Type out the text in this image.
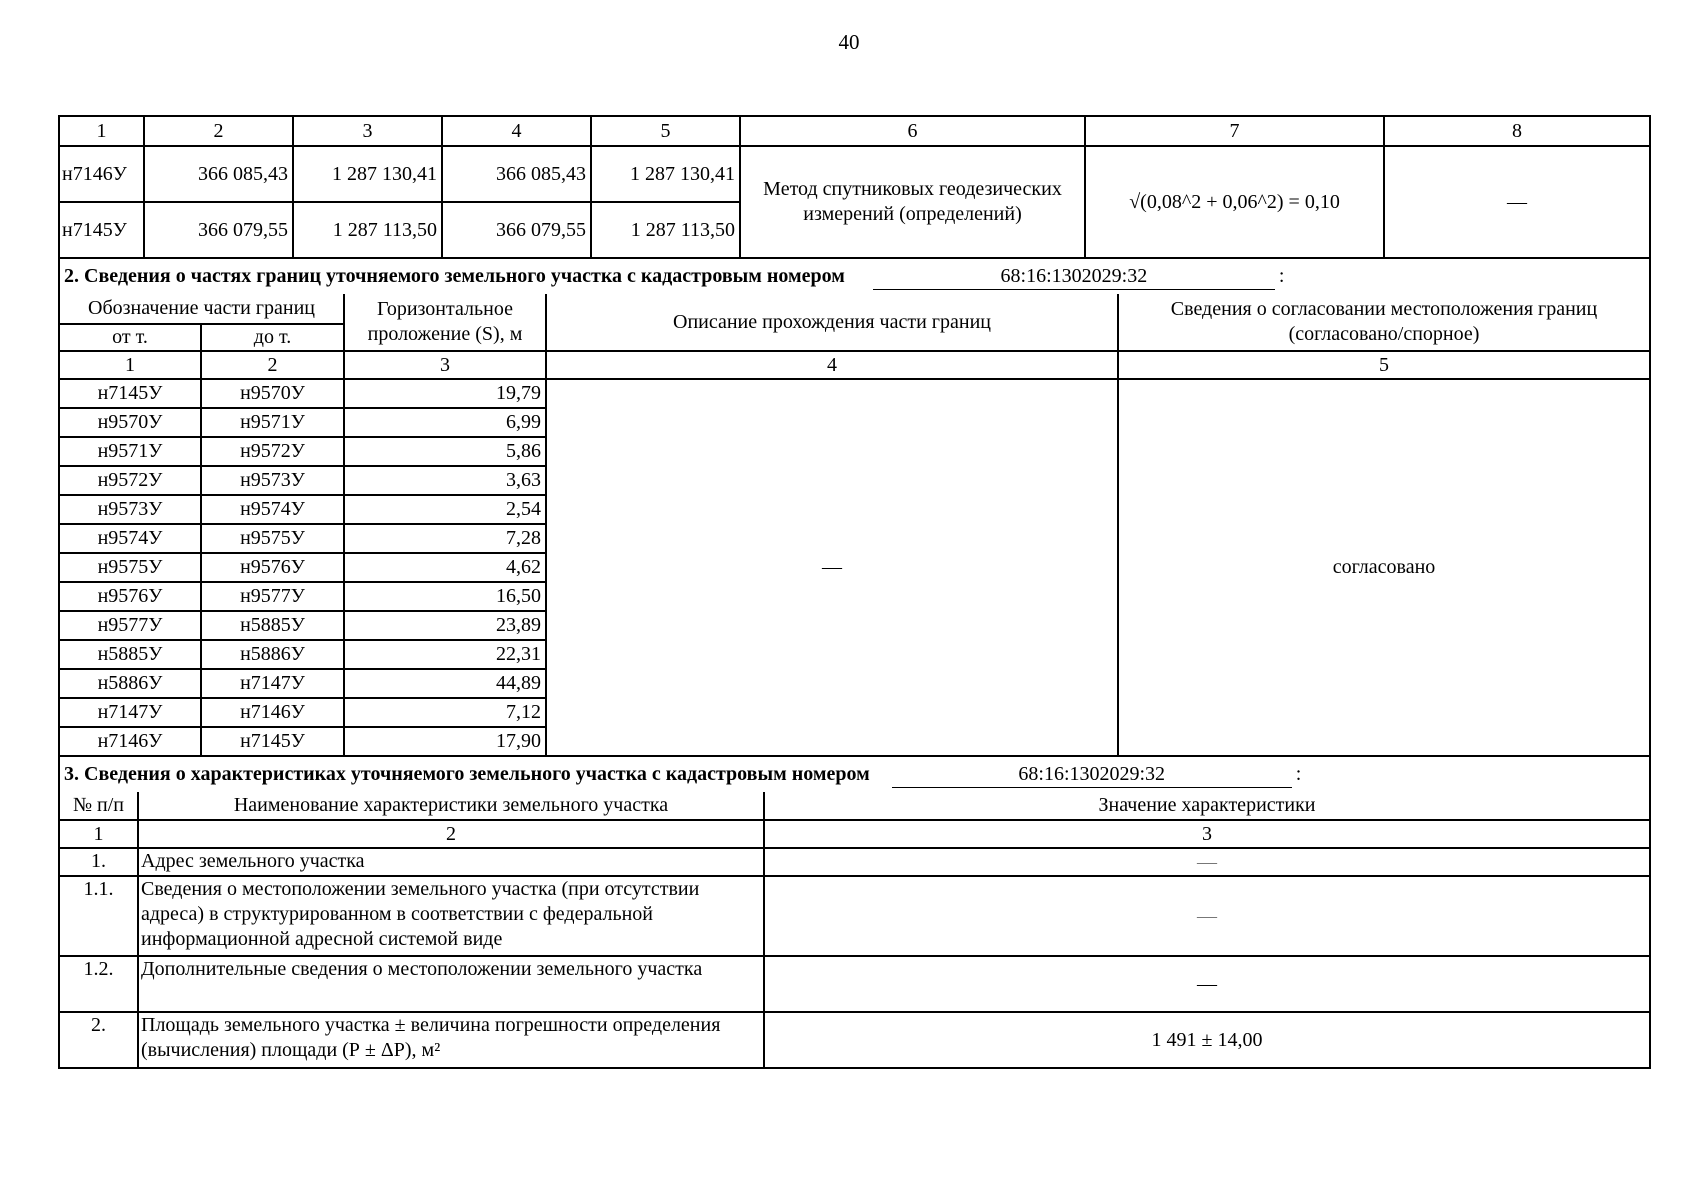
40
1	2	3	4	5	6	7	8
н7146У	366 085,43	1 287 130,41	366 085,43	1 287 130,41	Метод спутниковых геодезических измерений (определений)	√(0,08^2 + 0,06^2) = 0,10	—
н7145У	366 079,55	1 287 113,50	366 079,55	1 287 113,50			
2. Сведения о частях границ уточняемого земельного участка с кадастровым номером 68:16:1302029:32 :							
Обозначение части границ		Горизонтальное проложение (S), м	Описание прохождения части границ	Сведения о согласовании местоположения границ (согласовано/спорное)
от т.	до т.			
1	2	3	4	5
н7145У	н9570У	19,79	—	согласовано
н9570У	н9571У	6,99		
н9571У	н9572У	5,86		
н9572У	н9573У	3,63		
н9573У	н9574У	2,54		
н9574У	н9575У	7,28		
н9575У	н9576У	4,62		
н9576У	н9577У	16,50		
н9577У	н5885У	23,89		
н5885У	н5886У	22,31		
н5886У	н7147У	44,89		
н7147У	н7146У	7,12		
н7146У	н7145У	17,90		
3. Сведения о характеристиках уточняемого земельного участка с кадастровым номером 68:16:1302029:32 :				
№ п/п	Наименование характеристики земельного участка	Значение характеристики
1	2	3
1.	Адрес земельного участка	—
1.1.	Сведения о местоположении земельного участка (при отсутствии адреса) в структурированном в соответствии с федеральной информационной адресной системой виде	—
1.2.	Дополнительные сведения о местоположении земельного участка	—
2.	Площадь земельного участка ± величина погрешности определения (вычисления) площади (Р ± ΔР), м²	1 491 ± 14,00
